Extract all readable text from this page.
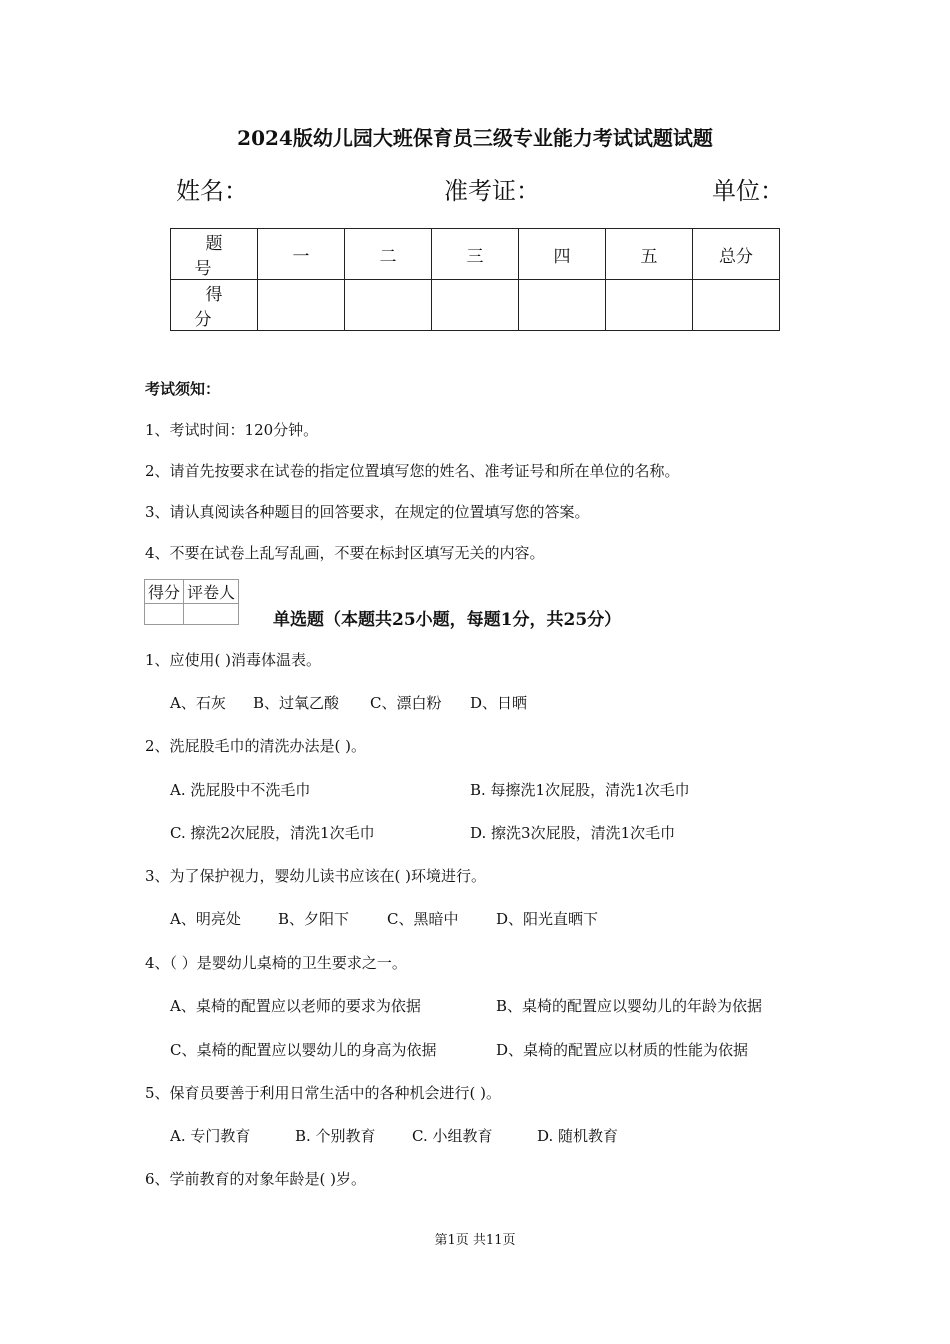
2024版幼儿园大班保育员三级专业能力考试试题试题
姓名：	准考证：	单位：
题号	一	二	三	四	五	总分
得分						
考试须知：
1、考试时间：120分钟。
2、请首先按要求在试卷的指定位置填写您的姓名、准考证号和所在单位的名称。
3、请认真阅读各种题目的回答要求，在规定的位置填写您的答案。
4、不要在试卷上乱写乱画，不要在标封区填写无关的内容。
得分	评卷人

单选题（本题共25小题，每题1分，共25分）
1、应使用( )消毒体温表。
A、石灰 B、过氧乙酸 C、漂白粉 D、日晒
2、洗屁股毛巾的清洗办法是( )。
A. 洗屁股中不洗毛巾	B. 每擦洗1次屁股，清洗1次毛巾
C. 擦洗2次屁股，清洗1次毛巾	D. 擦洗3次屁股，清洗1次毛巾
3、为了保护视力，婴幼儿读书应该在( )环境进行。
A、明亮处 B、夕阳下	C、黑暗中	D、阳光直晒下
4、（ ）是婴幼儿桌椅的卫生要求之一。
A、桌椅的配置应以老师的要求为依据	B、桌椅的配置应以婴幼儿的年龄为依据
C、桌椅的配置应以婴幼儿的身高为依据	D、桌椅的配置应以材质的性能为依据
5、保育员要善于利用日常生活中的各种机会进行( )。
A. 专门教育	B. 个别教育 C. 小组教育	D. 随机教育
6、学前教育的对象年龄是( )岁。
第1页 共11页
